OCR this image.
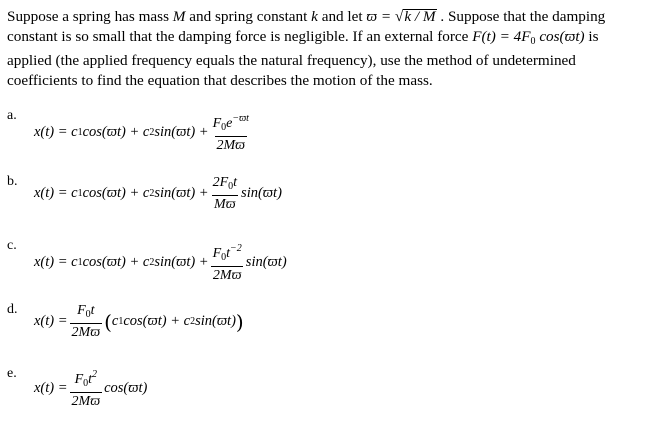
Suppose a spring has mass M and spring constant k and let ϖ = √k / M . Suppose that the damping constant is so small that the damping force is negligible. If an external force $F(t) = 4F_0$ cos(ϖt) is applied (the applied frequency equals the natural frequency), use the method of undetermined coefficients to find the equation that describes the motion of the mass.

a.
x(t) = c 1 cos(ϖt) + c 2 $\sin(ϖt) + \frac{F_0e^{-ϖt}}{2Mϖ}$
b.
x(t) = c 1 cos(ϖt) + c 2 $\sin(ϖt) + \frac{2F_0t}{Mϖ} \sin(ϖt)$
c.
x(t) = c 1 cos(ϖt) + c 2 $\sin(ϖt) + \frac{F_0t^{-2}}{2Mϖ} \sin(ϖt)$
d.
$x(t) = \frac{F_0t}{2Mϖ}$ ( c 1 cos(ϖt) + c 2 sin(ϖt) )
e.
$x(t) = \frac{F_0t^2}{2Mϖ} \cos(ϖt)$
